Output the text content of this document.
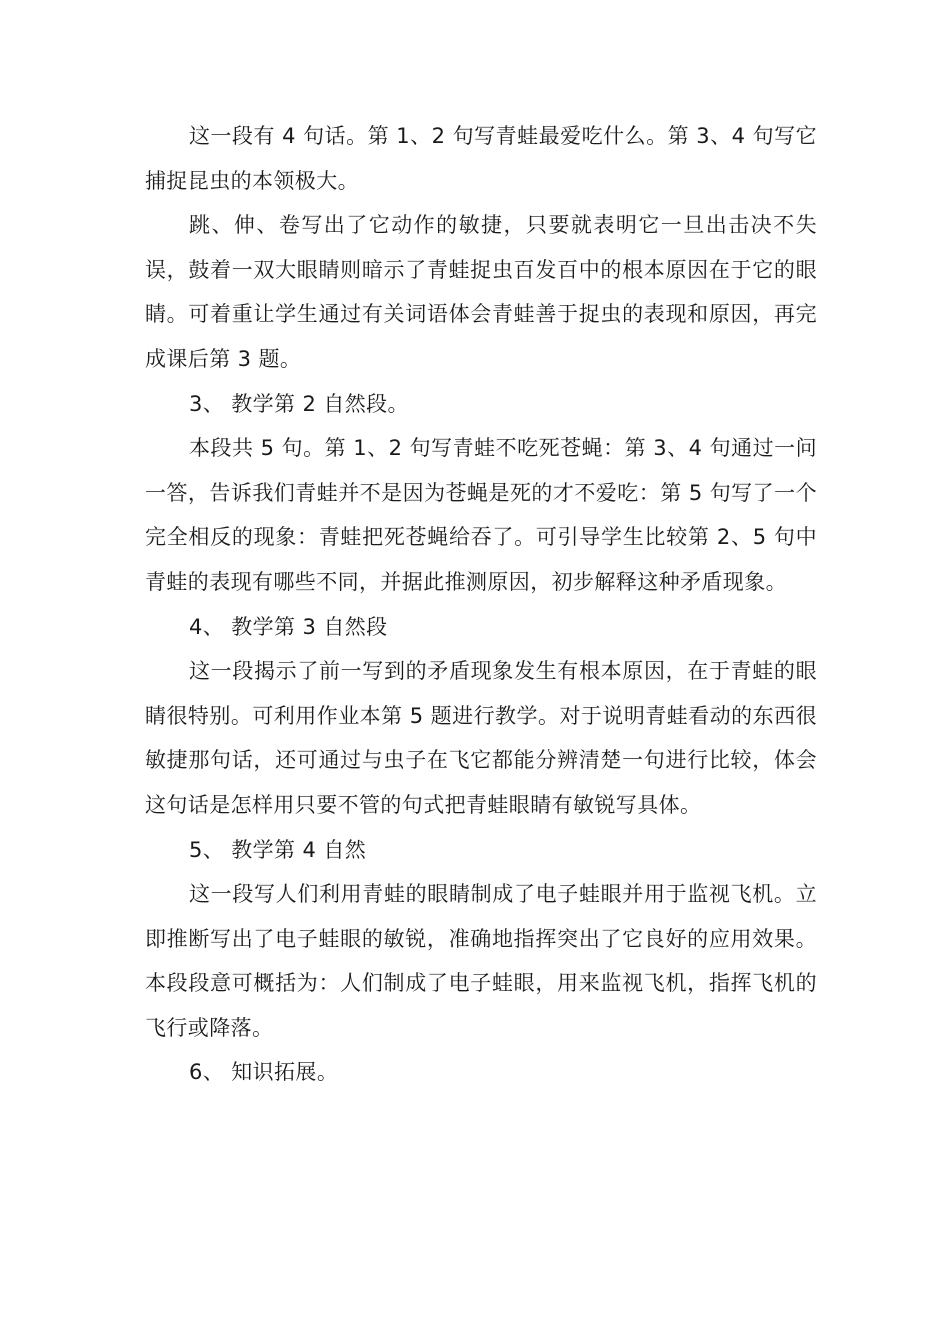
这一段有 4 句话。第 1、2 句写青蛙最爱吃什么。第 3、4 句写它捕捉昆虫的本领极大。

跳、伸、卷写出了它动作的敏捷，只要就表明它一旦出击决不失误，鼓着一双大眼睛则暗示了青蛙捉虫百发百中的根本原因在于它的眼睛。可着重让学生通过有关词语体会青蛙善于捉虫的表现和原因，再完成课后第 3 题。

3、 教学第 2 自然段。

本段共 5 句。第 1、2 句写青蛙不吃死苍蝇：第 3、4 句通过一问一答，告诉我们青蛙并不是因为苍蝇是死的才不爱吃：第 5 句写了一个完全相反的现象：青蛙把死苍蝇给吞了。可引导学生比较第 2、5 句中青蛙的表现有哪些不同，并据此推测原因，初步解释这种矛盾现象。

4、 教学第 3 自然段

这一段揭示了前一写到的矛盾现象发生有根本原因，在于青蛙的眼睛很特别。可利用作业本第 5 题进行教学。对于说明青蛙看动的东西很敏捷那句话，还可通过与虫子在飞它都能分辨清楚一句进行比较，体会这句话是怎样用只要不管的句式把青蛙眼睛有敏锐写具体。

5、 教学第 4 自然

这一段写人们利用青蛙的眼睛制成了电子蛙眼并用于监视飞机。立即推断写出了电子蛙眼的敏锐，准确地指挥突出了它良好的应用效果。本段段意可概括为：人们制成了电子蛙眼，用来监视飞机，指挥飞机的飞行或降落。

6、 知识拓展。
